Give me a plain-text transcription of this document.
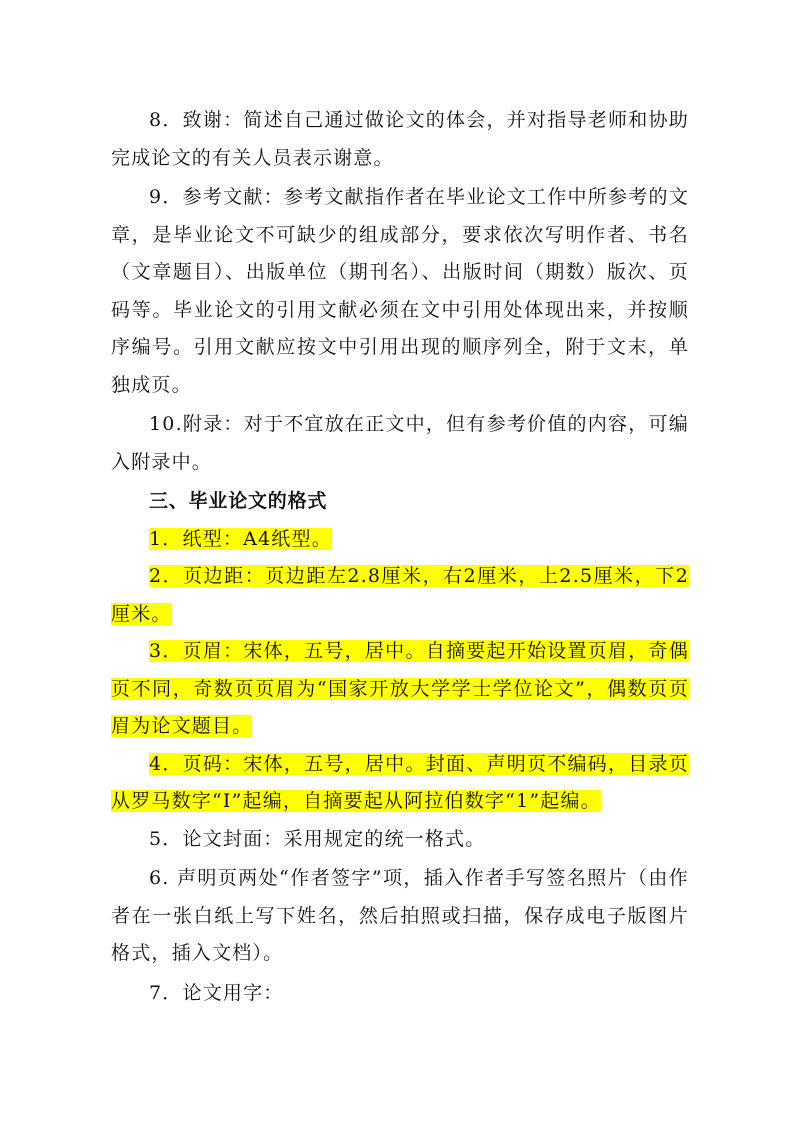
8．致谢：简述自己通过做论文的体会，并对指导老师和协助完成论文的有关人员表示谢意。

9．参考文献：参考文献指作者在毕业论文工作中所参考的文章，是毕业论文不可缺少的组成部分，要求依次写明作者、书名（文章题目）、出版单位（期刊名）、出版时间（期数）版次、页码等。毕业论文的引用文献必须在文中引用处体现出来，并按顺序编号。引用文献应按文中引用出现的顺序列全，附于文末，单独成页。

10.附录：对于不宜放在正文中，但有参考价值的内容，可编入附录中。

三、毕业论文的格式

1．纸型：A4纸型。

2．页边距：页边距左2.8厘米，右2厘米，上2.5厘米，下2厘米。

3．页眉：宋体，五号，居中。自摘要起开始设置页眉，奇偶页不同，奇数页页眉为“国家开放大学学士学位论文”，偶数页页眉为论文题目。

4．页码：宋体，五号，居中。封面、声明页不编码，目录页从罗马数字“I”起编，自摘要起从阿拉伯数字“1”起编。

5．论文封面：采用规定的统一格式。

6. 声明页两处“作者签字”项，插入作者手写签名照片（由作者在一张白纸上写下姓名，然后拍照或扫描，保存成电子版图片格式，插入文档）。

7．论文用字：
